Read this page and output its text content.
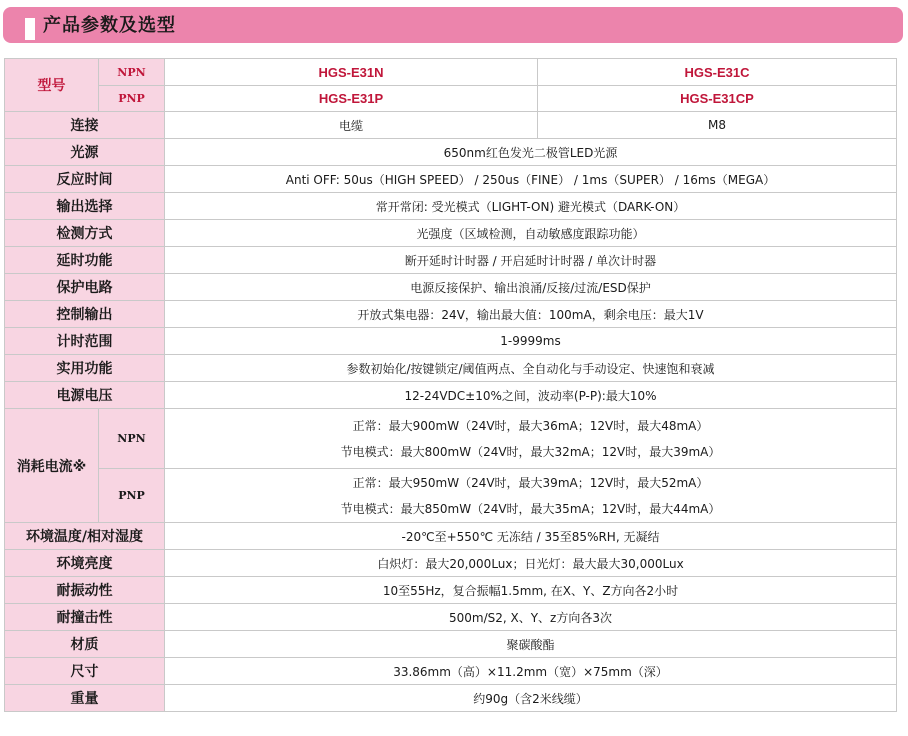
产品参数及选型
型号	NPN	HGS-E31N	HGS-E31C
	PNP	HGS-E31P	HGS-E31CP
连接		电缆	M8
光源		650nm红色发光二极管LED光源	
反应时间		Anti OFF: 50us（HIGH SPEED） / 250us（FINE） / 1ms（SUPER） / 16ms（MEGA）	
输出选择		常开常闭: 受光模式（LIGHT-ON) 避光模式（DARK-ON）	
检测方式		光强度（区域检测，自动敏感度跟踪功能）	
延时功能		断开延时计时器 / 开启延时计时器 / 单次计时器	
保护电路		电源反接保护、输出浪涌/反接/过流/ESD保护	
控制输出		开放式集电器：24V，输出最大值：100mA，剩余电压：最大1V	
计时范围		1-9999ms	
实用功能		参数初始化/按键锁定/阈值两点、全自动化与手动设定、快速饱和衰减	
电源电压		12-24VDC±10%之间，波动率(P-P):最大10%	
消耗电流※	NPN	正常：最大900mW（24V时，最大36mA；12V时，最大48mA）
节电模式：最大800mW（24V时，最大32mA；12V时，最大39mA）	

	PNP	正常：最大950mW（24V时，最大39mA；12V时，最大52mA）
节电模式：最大850mW（24V时，最大35mA；12V时，最大44mA）	

环境温度/相对湿度		-20℃至+550℃ 无冻结 / 35至85%RH, 无凝结	
环境亮度		白炽灯：最大20,000Lux；日光灯：最大最大30,000Lux	
耐振动性		10至55Hz，复合振幅1.5mm, 在X、Y、Z方向各2小时	
耐撞击性		500m/S2, X、Y、z方向各3次	
材质		聚碳酸酯	
尺寸		33.86mm（高）×11.2mm（宽）×75mm（深）	
重量		约90g（含2米线缆）	
